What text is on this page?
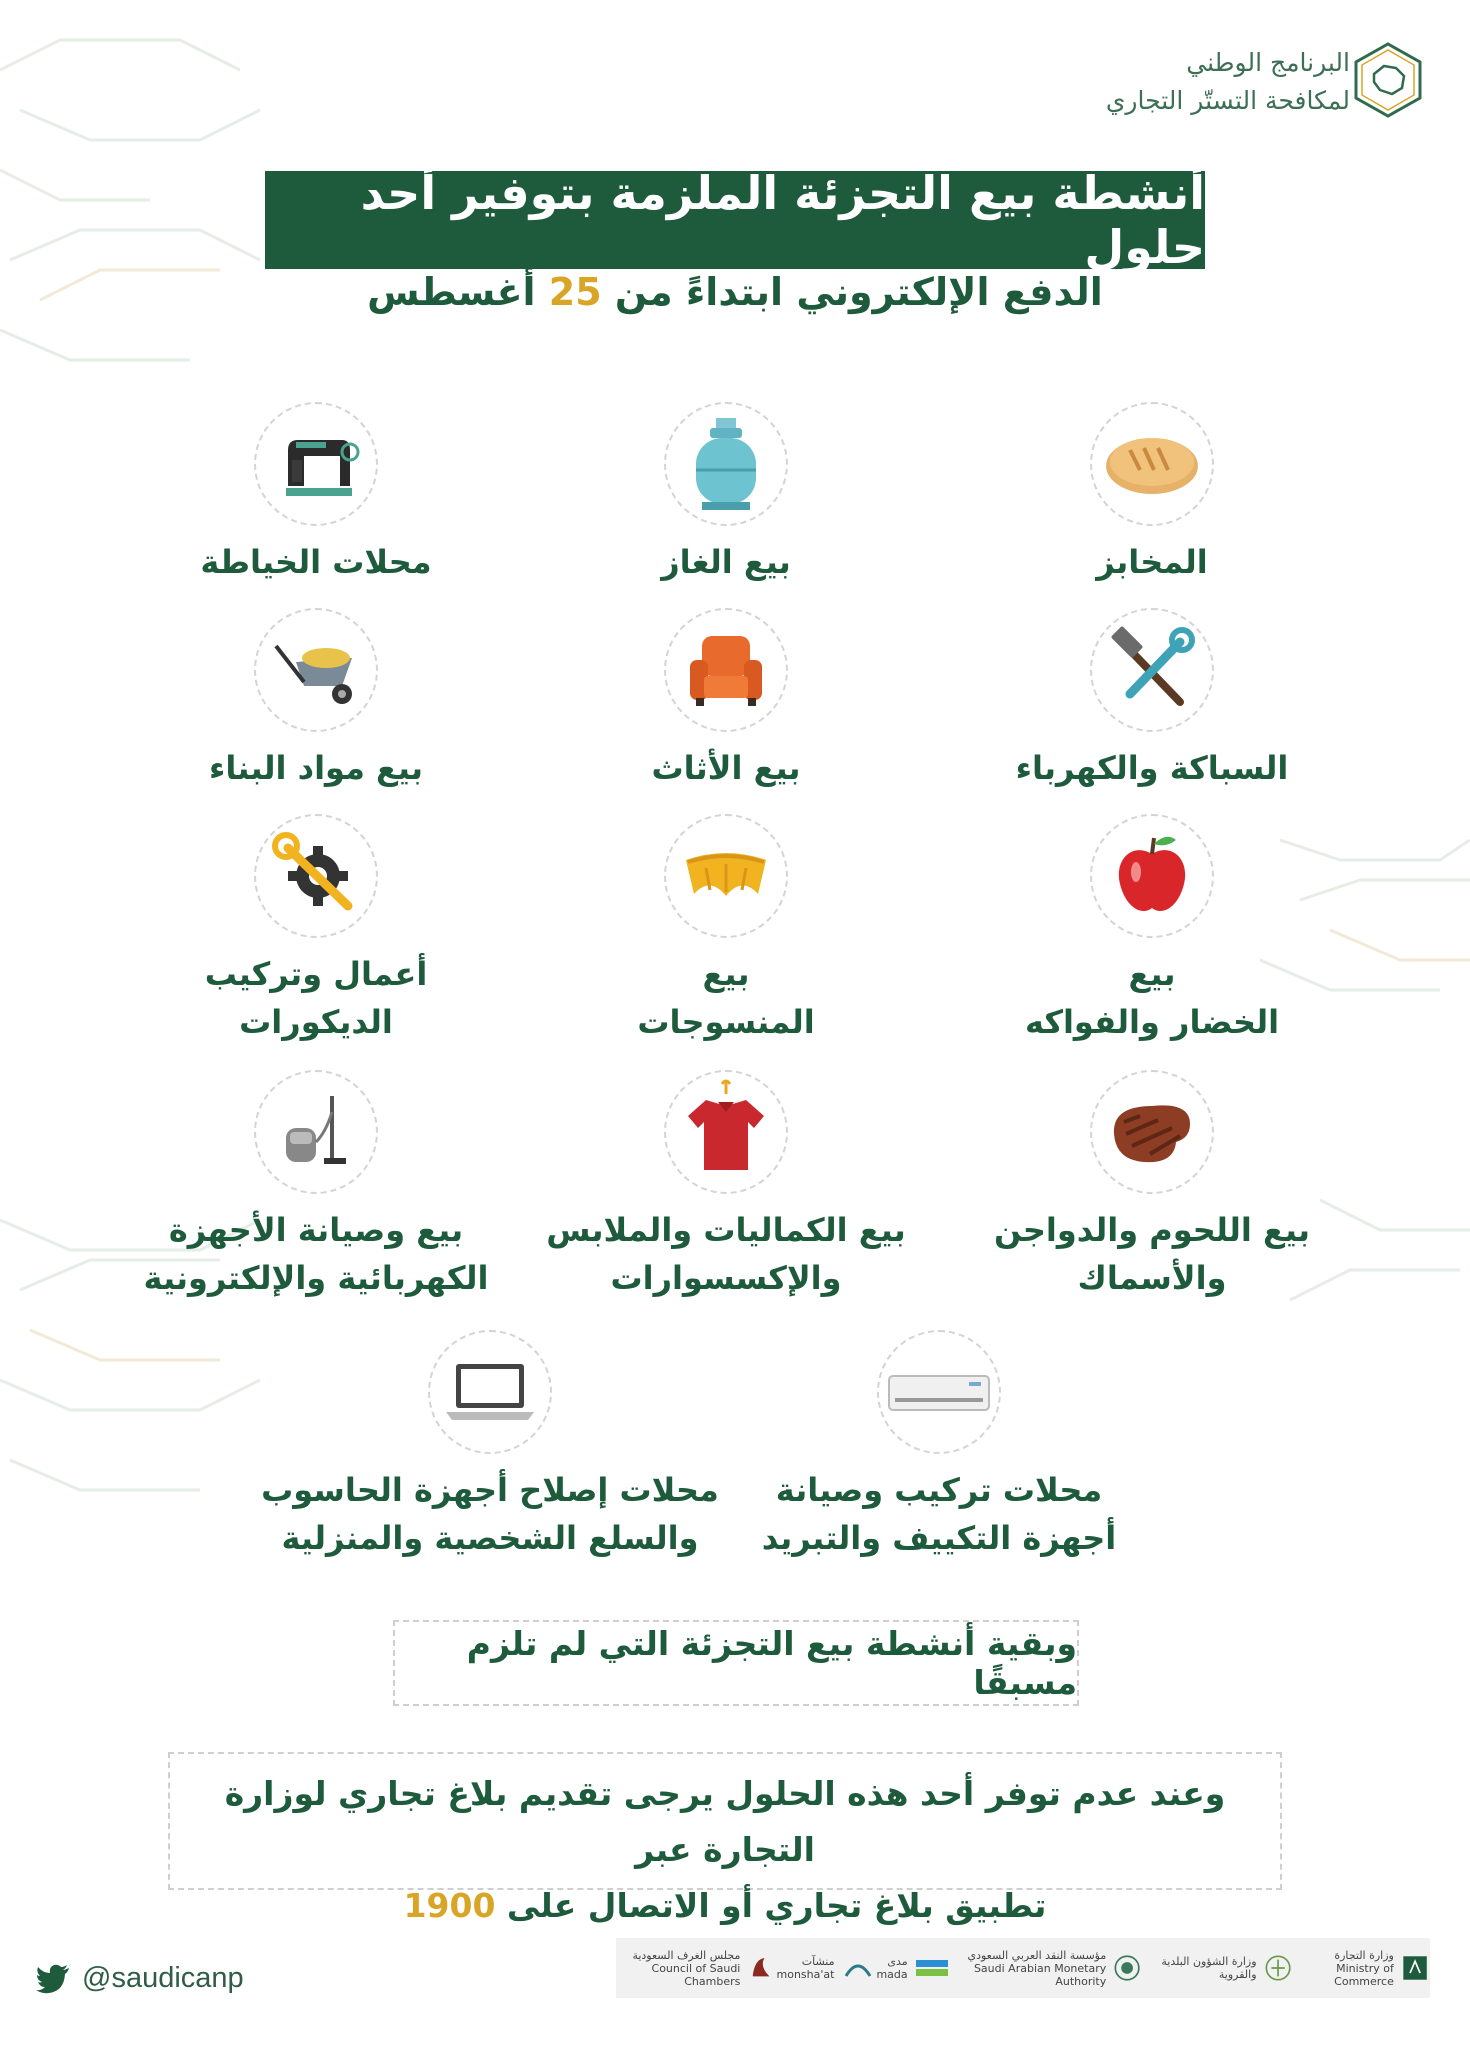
البرنامج الوطني
لمكافحة التستّر التجاري
أنشطة بيع التجزئة الملزمة بتوفير أحد حلول
الدفع الإلكتروني ابتداءً من 25 أغسطس
المخابز
بيع الغاز
محلات الخياطة
السباكة والكهرباء
بيع الأثاث
بيع مواد البناء
بيع
الخضار والفواكه
بيع
المنسوجات
أعمال وتركيب
الديكورات
بيع اللحوم والدواجن
والأسماك
بيع الكماليات والملابس
والإكسسوارات
بيع وصيانة الأجهزة
الكهربائية والإلكترونية
محلات تركيب وصيانة
أجهزة التكييف والتبريد
محلات إصلاح أجهزة الحاسوب
والسلع الشخصية والمنزلية
وبقية أنشطة بيع التجزئة التي لم تلزم مسبقًا
وعند عدم توفر أحد هذه الحلول يرجى تقديم بلاغ تجاري لوزارة التجارة عبر
تطبيق بلاغ تجاري أو الاتصال على 1900
@saudicanp
وزارة التجارة
Ministry of Commerce
وزارة الشؤون البلدية والقروية
مؤسسة النقد العربي السعودي
Saudi Arabian Monetary Authority
مدى
mada
منشآت
monsha'at
مجلس الغرف السعودية
Council of Saudi Chambers
